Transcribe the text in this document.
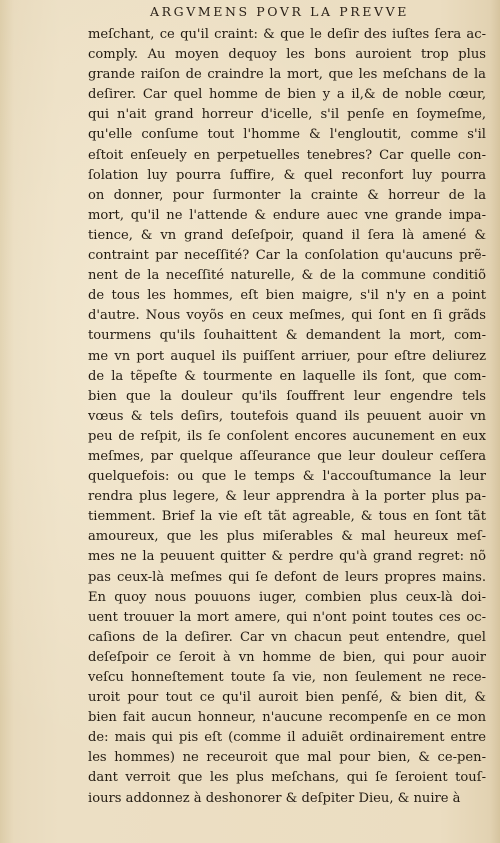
ARGVMENS POVR LA PREVVE
meſchant, ce qu'il craint: & que le deſir des iuſtes ſera ac-
comply. Au moyen dequoy les bons auroient trop plus
grande raiſon de craindre la mort, que les meſchans de la
deſirer. Car quel homme de bien y a il,& de noble cœur,
qui n'ait grand horreur d'icelle, s'il penſe en ſoymeſme,
qu'elle conſume tout l'homme & l'engloutit, comme s'il
eſtoit enſeuely en perpetuelles tenebres? Car quelle con-
ſolation luy pourra ſuffire, & quel reconfort luy pourra
on donner, pour ſurmonter la crainte & horreur de la
mort, qu'il ne l'attende & endure auec vne grande impa-
tience, & vn grand deſeſpoir, quand il ſera là amené &
contraint par neceſſité? Car la conſolation qu'aucuns prẽ-
nent de la neceſſité naturelle, & de la commune conditiõ
de tous les hommes, eſt bien maigre, s'il n'y en a point
d'autre. Nous voyõs en ceux meſmes, qui ſont en ſi grãds
tourmens qu'ils ſouhaittent & demandent la mort, com-
me vn port auquel ils puiſſent arriuer, pour eſtre deliurez
de la tẽpeſte & tourmente en laquelle ils ſont, que com-
bien que la douleur qu'ils ſouffrent leur engendre tels
vœus & tels deſirs, toutefois quand ils peuuent auoir vn
peu de reſpit, ils ſe conſolent encores aucunement en eux
meſmes, par quelque aſſeurance que leur douleur ceſſera
quelquefois: ou que le temps & l'accouſtumance la leur
rendra plus legere, & leur apprendra à la porter plus pa-
tiemment. Brief la vie eſt tãt agreable, & tous en ſont tãt
amoureux, que les plus miſerables & mal heureux meſ-
mes ne la peuuent quitter & perdre qu'à grand regret: nõ
pas ceux-là meſmes qui ſe defont de leurs propres mains.
En quoy nous pouuons iuger, combien plus ceux-là doi-
uent trouuer la mort amere, qui n'ont point toutes ces oc-
caſions de la deſirer. Car vn chacun peut entendre, quel
deſeſpoir ce ſeroit à vn homme de bien, qui pour auoir
veſcu honneſtement toute ſa vie, non ſeulement ne rece-
uroit pour tout ce qu'il auroit bien penſé, & bien dit, &
bien fait aucun honneur, n'aucune recompenſe en ce mon
de: mais qui pis eſt (comme il aduiẽt ordinairement entre
les hommes) ne receuroit que mal pour bien, & ce-pen-
dant verroit que les plus meſchans, qui ſe ſeroient touſ-
iours addonnez à deshonorer & deſpiter Dieu, & nuire à
